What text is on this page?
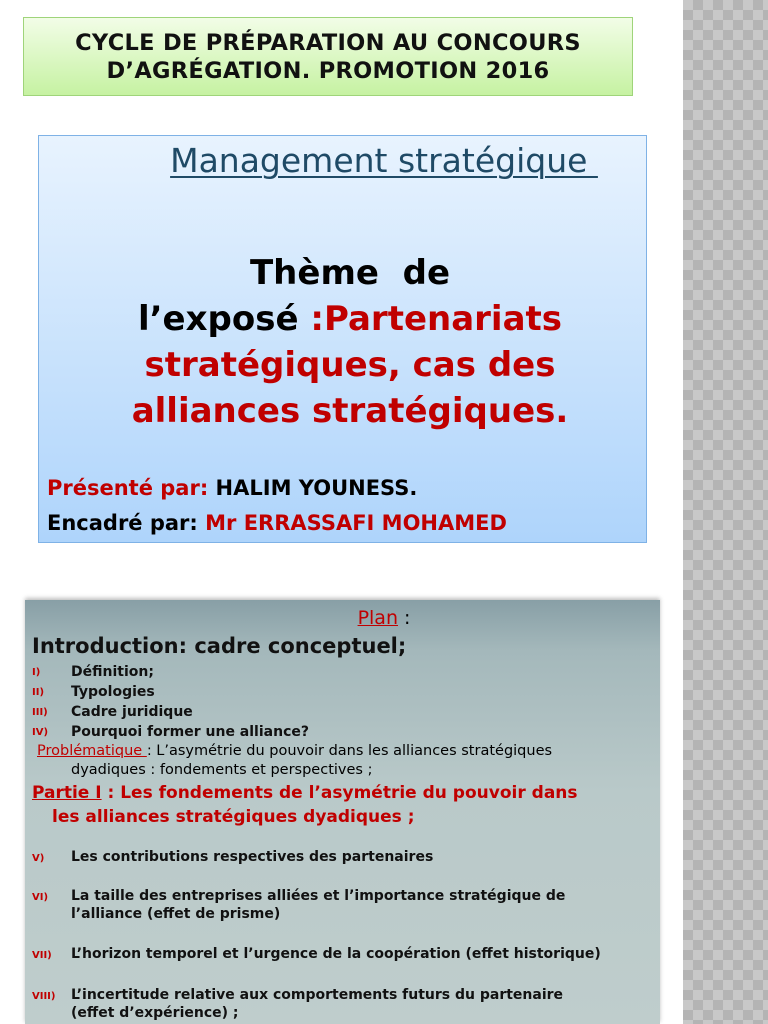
CYCLE DE PRÉPARATION AU CONCOURS
D’AGRÉGATION. PROMOTION 2016
Management stratégique
Thème  de
l’exposé :Partenariats
stratégiques, cas des
alliances stratégiques.
Présenté par: HALIM YOUNESS.
Encadré par: Mr ERRASSAFI MOHAMED
Plan :
Introduction: cadre conceptuel;
I) Définition;
II) Typologies
III) Cadre juridique
IV) Pourquoi former une alliance?
Problématique : L’asymétrie du pouvoir dans les alliances stratégiques
dyadiques : fondements et perspectives ;
Partie I : Les fondements de l’asymétrie du pouvoir dans
les alliances stratégiques dyadiques ;
V) Les contributions respectives des partenaires
VI) La taille des entreprises alliées et l’importance stratégique de
l’alliance (effet de prisme)
VII) L’horizon temporel et l’urgence de la coopération (effet historique)
VIII) L’incertitude relative aux comportements futurs du partenaire
(effet d’expérience) ;
